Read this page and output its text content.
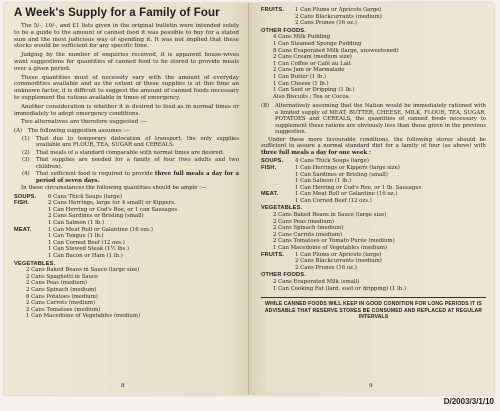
A Week's Supply for a Family of Four

The 5/-, 10/-, and £1 lists given in the original bulletin were intended solely to be a guide to the amount of canned food it was possible to buy for a stated sum and the most judicious way of spending it. It was not implied that these stocks would be sufficient for any specific time.

Judging by the number of enquiries received, it is apparent house-wives want suggestions for quantities of canned food to be stored to provide meals over a given period.

These quantities must of necessity vary with the amount of everyday commodities available and as the extent of these supplies is at this time an unknown factor, it is difficult to suggest the amount of canned foods necessary to supplement the rations available in times of emergency.

Another consideration is whether it is desired to feed as in normal times or immediately to adopt emergency conditions.

Two alternatives are therefore suggested :—

(A)	The following suggestion assumes :—
(1)	That due to temporary dislocation of transport, the only supplies available are FLOUR, TEA, SUGAR and CEREALS.
(2)	That meals of a standard comparable with normal times are desired.
(3)	That supplies are needed for a family of four (two adults and two children).
(4)	That sufficient food is required to provide three full meals a day for a period of seven days.

In these circumstances the following quantities should be ample :—

SOUPS.	6 Cans Thick Soups (large)
FISH.	2 Cans Herrings, large (or 4 small) or Kippers.
1 Can Herring or Cod's Roe, or 1 can Sausages
2 Cans Sardines or Brisling (small)
1 Can Salmon (1 lb.)
MEAT.	1 Can Meat Roll or Galantine (16 ozs.)
1 Can Tongue (1 lb.)
1 Can Corned Beef (12 ozs.)
1 Can Stewed Steak (1½ lbs.)
1 Can Bacon or Ham (1 lb.)
VEGETABLES.
2 Cans Baked Beans in Sauce (large size)
2 Cans Spaghetti in Sauce
2 Cans Peas (medium)
2 Cans Spinach (medium)
6 Cans Potatoes (medium)
2 Cans Carrots (medium)
2 Cans Tomatoes (medium)
1 Can Macedoine of Vegetables (medium)
8
FRUITS.	1 Can Plums or Apricots (large)
2 Cans Blackcurrants (medium)
2 Cans Prunes (16 oz.)
OTHER FOODS.
4 Cans Milk Pudding
1 Can Steamed Sponge Pudding
8 Cans Evaporated Milk (large, unsweetened)
2 Cans Cream (medium size)
1 Can Coffee or Café au Lait
2 Cans Jam or Marmalade
1 Can Butter (1 lb.)
1 Can Cheese (1 lb.)
1 Can Suet or Dripping (1 lb.)
Also Biscuits ; Tea or Cocoa
(B)	Alternatively assuming that the Nation would be immediately rationed with a limited supply of MEAT, BUTTER, CHEESE, MILK, FLOUR, TEA, SUGAR, POTATOES and CEREALS, the quantities of canned foods necessary to supplement these rations are obviously less than those given in the previous suggestion.

Under these more favourable conditions, the following stores should be sufficient to assure a normal standard diet for a family of four (as above) with three full meals a day for one week :

SOUPS.	4 Cans Thick Soups (large)
FISH.	1 Can Herrings or Kippers (large size)
1 Can Sardines or Brisling (small)
1 Can Salmon (1 lb.)
1 Can Herring or Cod's Roe, or 1 lb. Sausages
MEAT.	1 Can Meat Roll or Galantine (16 oz.)
1 Can Corned Beef (12 ozs.)
VEGETABLES.
2 Cans Baked Beans in Sauce (large size)
2 Cans Peas (medium)
2 Cans Spinach (medium)
2 Cans Carrots (medium)
2 Cans Tomatoes or Tomato Purée (medium)
1 Can Macedoine of Vegetables (medium)
FRUITS.	1 Can Plums or Apricots (large)
2 Cans Blackcurrants (medium)
2 Cans Prunes (16 oz.)
OTHER FOODS.
2 Cans Evaporated Milk (small)
1 Can Cooking Fat (lard, suet or dripping) (1 lb.)
WHILE CANNED FOODS WILL KEEP IN GOOD CONDITION FOR LONG PERIODS IT IS ADVISABLE THAT RESERVE STORES BE CONSUMED AND REPLACED AT REGULAR INTERVALS
9
D/2003/3/1/10
